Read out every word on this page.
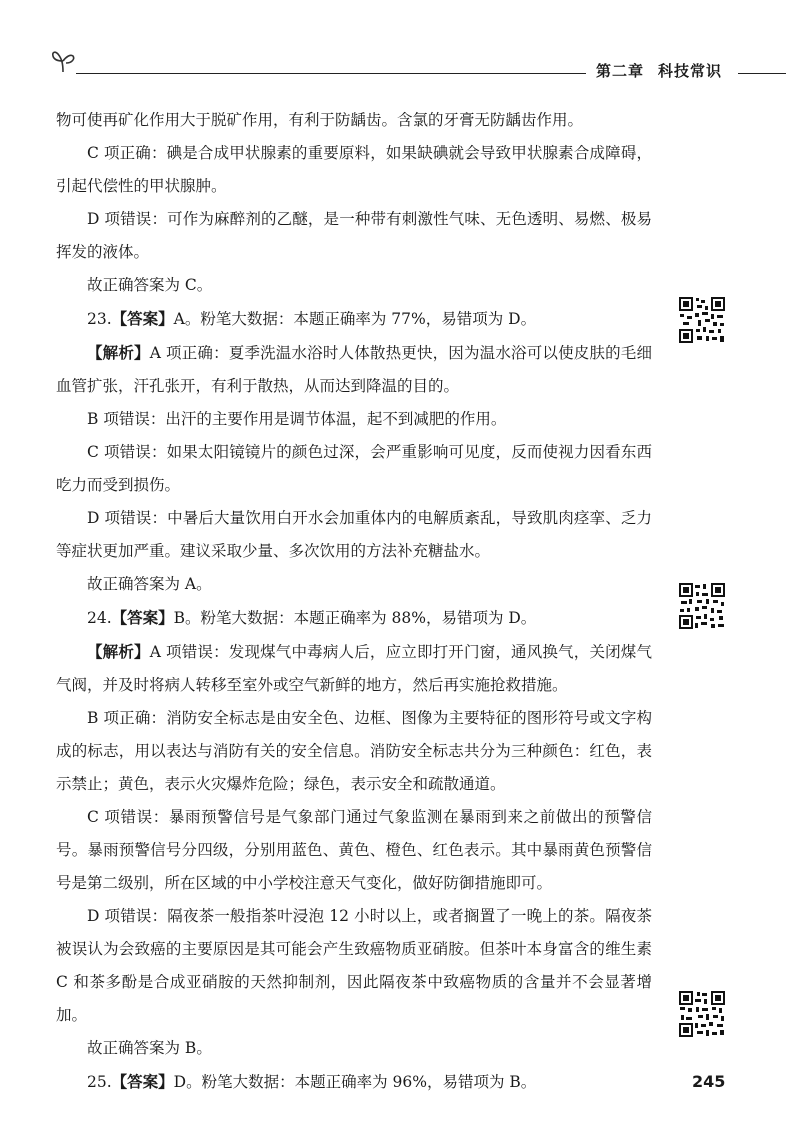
第二章 科技常识

物可使再矿化作用大于脱矿作用，有利于防龋齿。含氯的牙膏无防龋齿作用。

C 项正确：碘是合成甲状腺素的重要原料，如果缺碘就会导致甲状腺素合成障碍，引起代偿性的甲状腺肿。

D 项错误：可作为麻醉剂的乙醚，是一种带有刺激性气味、无色透明、易燃、极易挥发的液体。

故正确答案为 C。

23.【答案】A。粉笔大数据：本题正确率为 77%，易错项为 D。

【解析】A 项正确：夏季洗温水浴时人体散热更快，因为温水浴可以使皮肤的毛细血管扩张，汗孔张开，有利于散热，从而达到降温的目的。

B 项错误：出汗的主要作用是调节体温，起不到减肥的作用。

C 项错误：如果太阳镜镜片的颜色过深，会严重影响可见度，反而使视力因看东西吃力而受到损伤。

D 项错误：中暑后大量饮用白开水会加重体内的电解质紊乱，导致肌肉痉挛、乏力等症状更加严重。建议采取少量、多次饮用的方法补充糖盐水。

故正确答案为 A。

24.【答案】B。粉笔大数据：本题正确率为 88%，易错项为 D。

【解析】A 项错误：发现煤气中毒病人后，应立即打开门窗，通风换气，关闭煤气气阀，并及时将病人转移至室外或空气新鲜的地方，然后再实施抢救措施。

B 项正确：消防安全标志是由安全色、边框、图像为主要特征的图形符号或文字构成的标志，用以表达与消防有关的安全信息。消防安全标志共分为三种颜色：红色，表示禁止；黄色，表示火灾爆炸危险；绿色，表示安全和疏散通道。

C 项错误：暴雨预警信号是气象部门通过气象监测在暴雨到来之前做出的预警信号。暴雨预警信号分四级，分别用蓝色、黄色、橙色、红色表示。其中暴雨黄色预警信号是第二级别，所在区域的中小学校注意天气变化，做好防御措施即可。

D 项错误：隔夜茶一般指茶叶浸泡 12 小时以上，或者搁置了一晚上的茶。隔夜茶被误认为会致癌的主要原因是其可能会产生致癌物质亚硝胺。但茶叶本身富含的维生素 C 和茶多酚是合成亚硝胺的天然抑制剂，因此隔夜茶中致癌物质的含量并不会显著增加。

故正确答案为 B。

25.【答案】D。粉笔大数据：本题正确率为 96%，易错项为 B。	245
